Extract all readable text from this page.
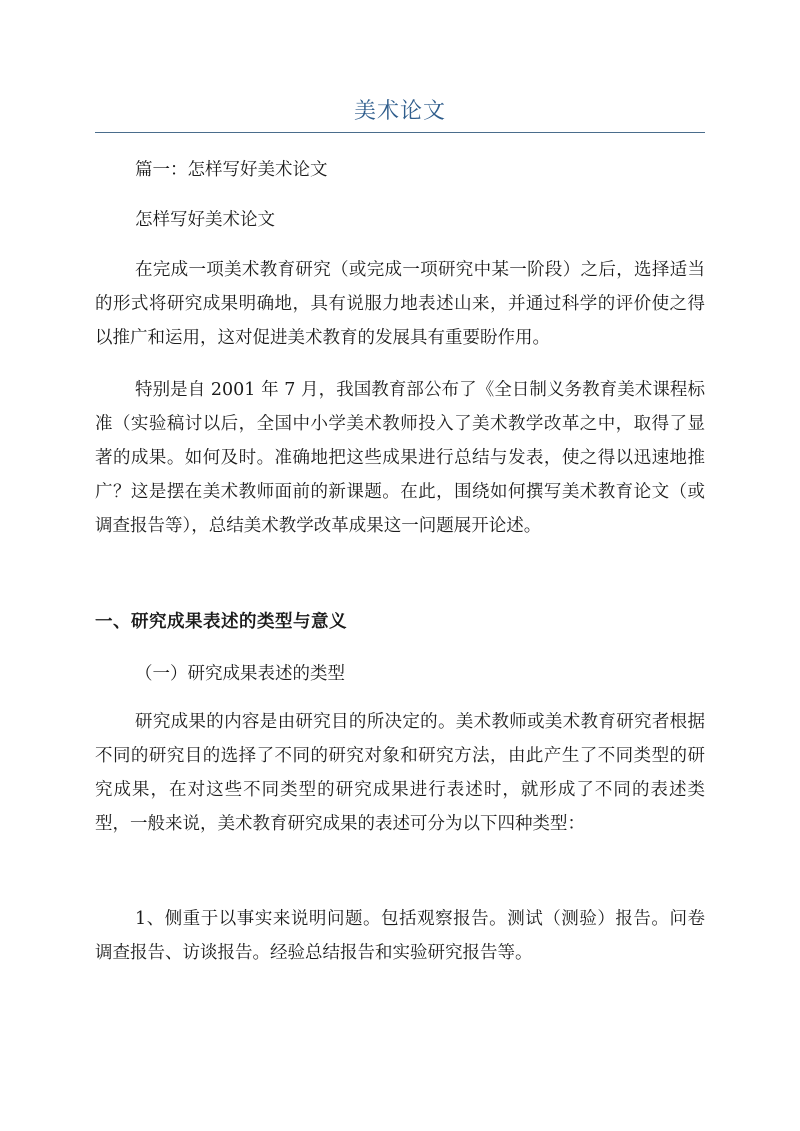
美术论文
篇一：怎样写好美术论文
怎样写好美术论文
在完成一项美术教育研究（或完成一项研究中某一阶段）之后，选择适当的形式将研究成果明确地，具有说服力地表述山来，并通过科学的评价使之得以推广和运用，这对促进美术教育的发展具有重要盼作用。
特别是自 2001 年 7 月，我国教育部公布了《全日制义务教育美术课程标准（实验稿讨以后，全国中小学美术教师投入了美术教学改革之中，取得了显著的成果。如何及时。准确地把这些成果进行总结与发表，使之得以迅速地推广？这是摆在美术教师面前的新课题。在此，围绕如何撰写美术教育论文（或调查报告等），总结美术教学改革成果这一问题展开论述。
一、研究成果表述的类型与意义
（一）研究成果表述的类型
研究成果的内容是由研究目的所决定的。美术教师或美术教育研究者根据不同的研究目的选择了不同的研究对象和研究方法，由此产生了不同类型的研究成果，在对这些不同类型的研究成果进行表述时，就形成了不同的表述类型，一般来说，美术教育研究成果的表述可分为以下四种类型：
1、侧重于以事实来说明问题。包括观察报告。测试（测验）报告。问卷调查报告、访谈报告。经验总结报告和实验研究报告等。
